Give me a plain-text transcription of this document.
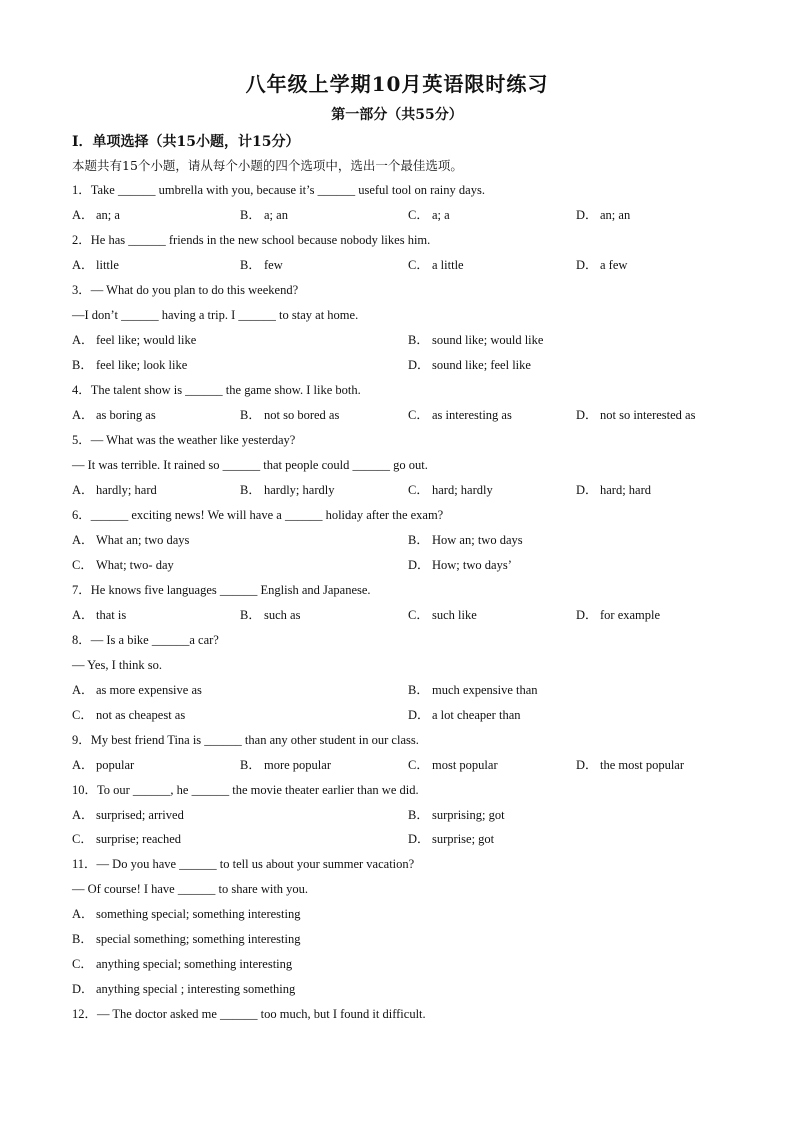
八年级上学期10月英语限时练习
第一部分（共55分）
I．单项选择（共15小题，计15分）
本题共有15个小题，请从每个小题的四个选项中，选出一个最佳选项。
1．Take ______ umbrella with you, because it’s ______ useful tool on rainy days.
A． an; a	B． a; an	C． a; a	D． an; an
2．He has ______ friends in the new school because nobody likes him.
A． little	B． few	C． a little	D． a few
3．— What do you plan to do this weekend?
—I don’t ______ having a trip. I ______ to stay at home.
A． feel like; would like	B． sound like; would like
B． feel like; look like	D． sound like; feel like
4．The talent show is ______ the game show. I like both.
A． as boring as	B． not so bored as	C． as interesting as	D． not so interested as
5．— What was the weather like yesterday?
— It was terrible. It rained so ______ that people could ______ go out.
A． hardly; hard	B． hardly; hardly	C． hard; hardly	D． hard; hard
6．______ exciting news! We will have a ______ holiday after the exam?
A． What an; two days	B． How an; two days
C． What; two- day	D． How; two days’
7．He knows five languages ______ English and Japanese.
A． that is	B． such as	C． such like	D． for example
8．— Is a bike ______a car?
— Yes, I think so.
A． as more expensive as	B． much expensive than
C． not as cheapest as	D． a lot cheaper than
9．My best friend Tina is ______ than any other student in our class.
A． popular	B． more popular	C． most popular	D． the most popular
10．To our ______, he ______ the movie theater earlier than we did.
A． surprised; arrived	B． surprising; got
C． surprise; reached	D． surprise; got
11．— Do you have ______ to tell us about your summer vacation?
— Of course! I have ______ to share with you.
A． something special; something interesting
B． special something; something interesting
C． anything special; something interesting
D． anything special ; interesting something
12．— The doctor asked me ______ too much, but I found it difficult.
